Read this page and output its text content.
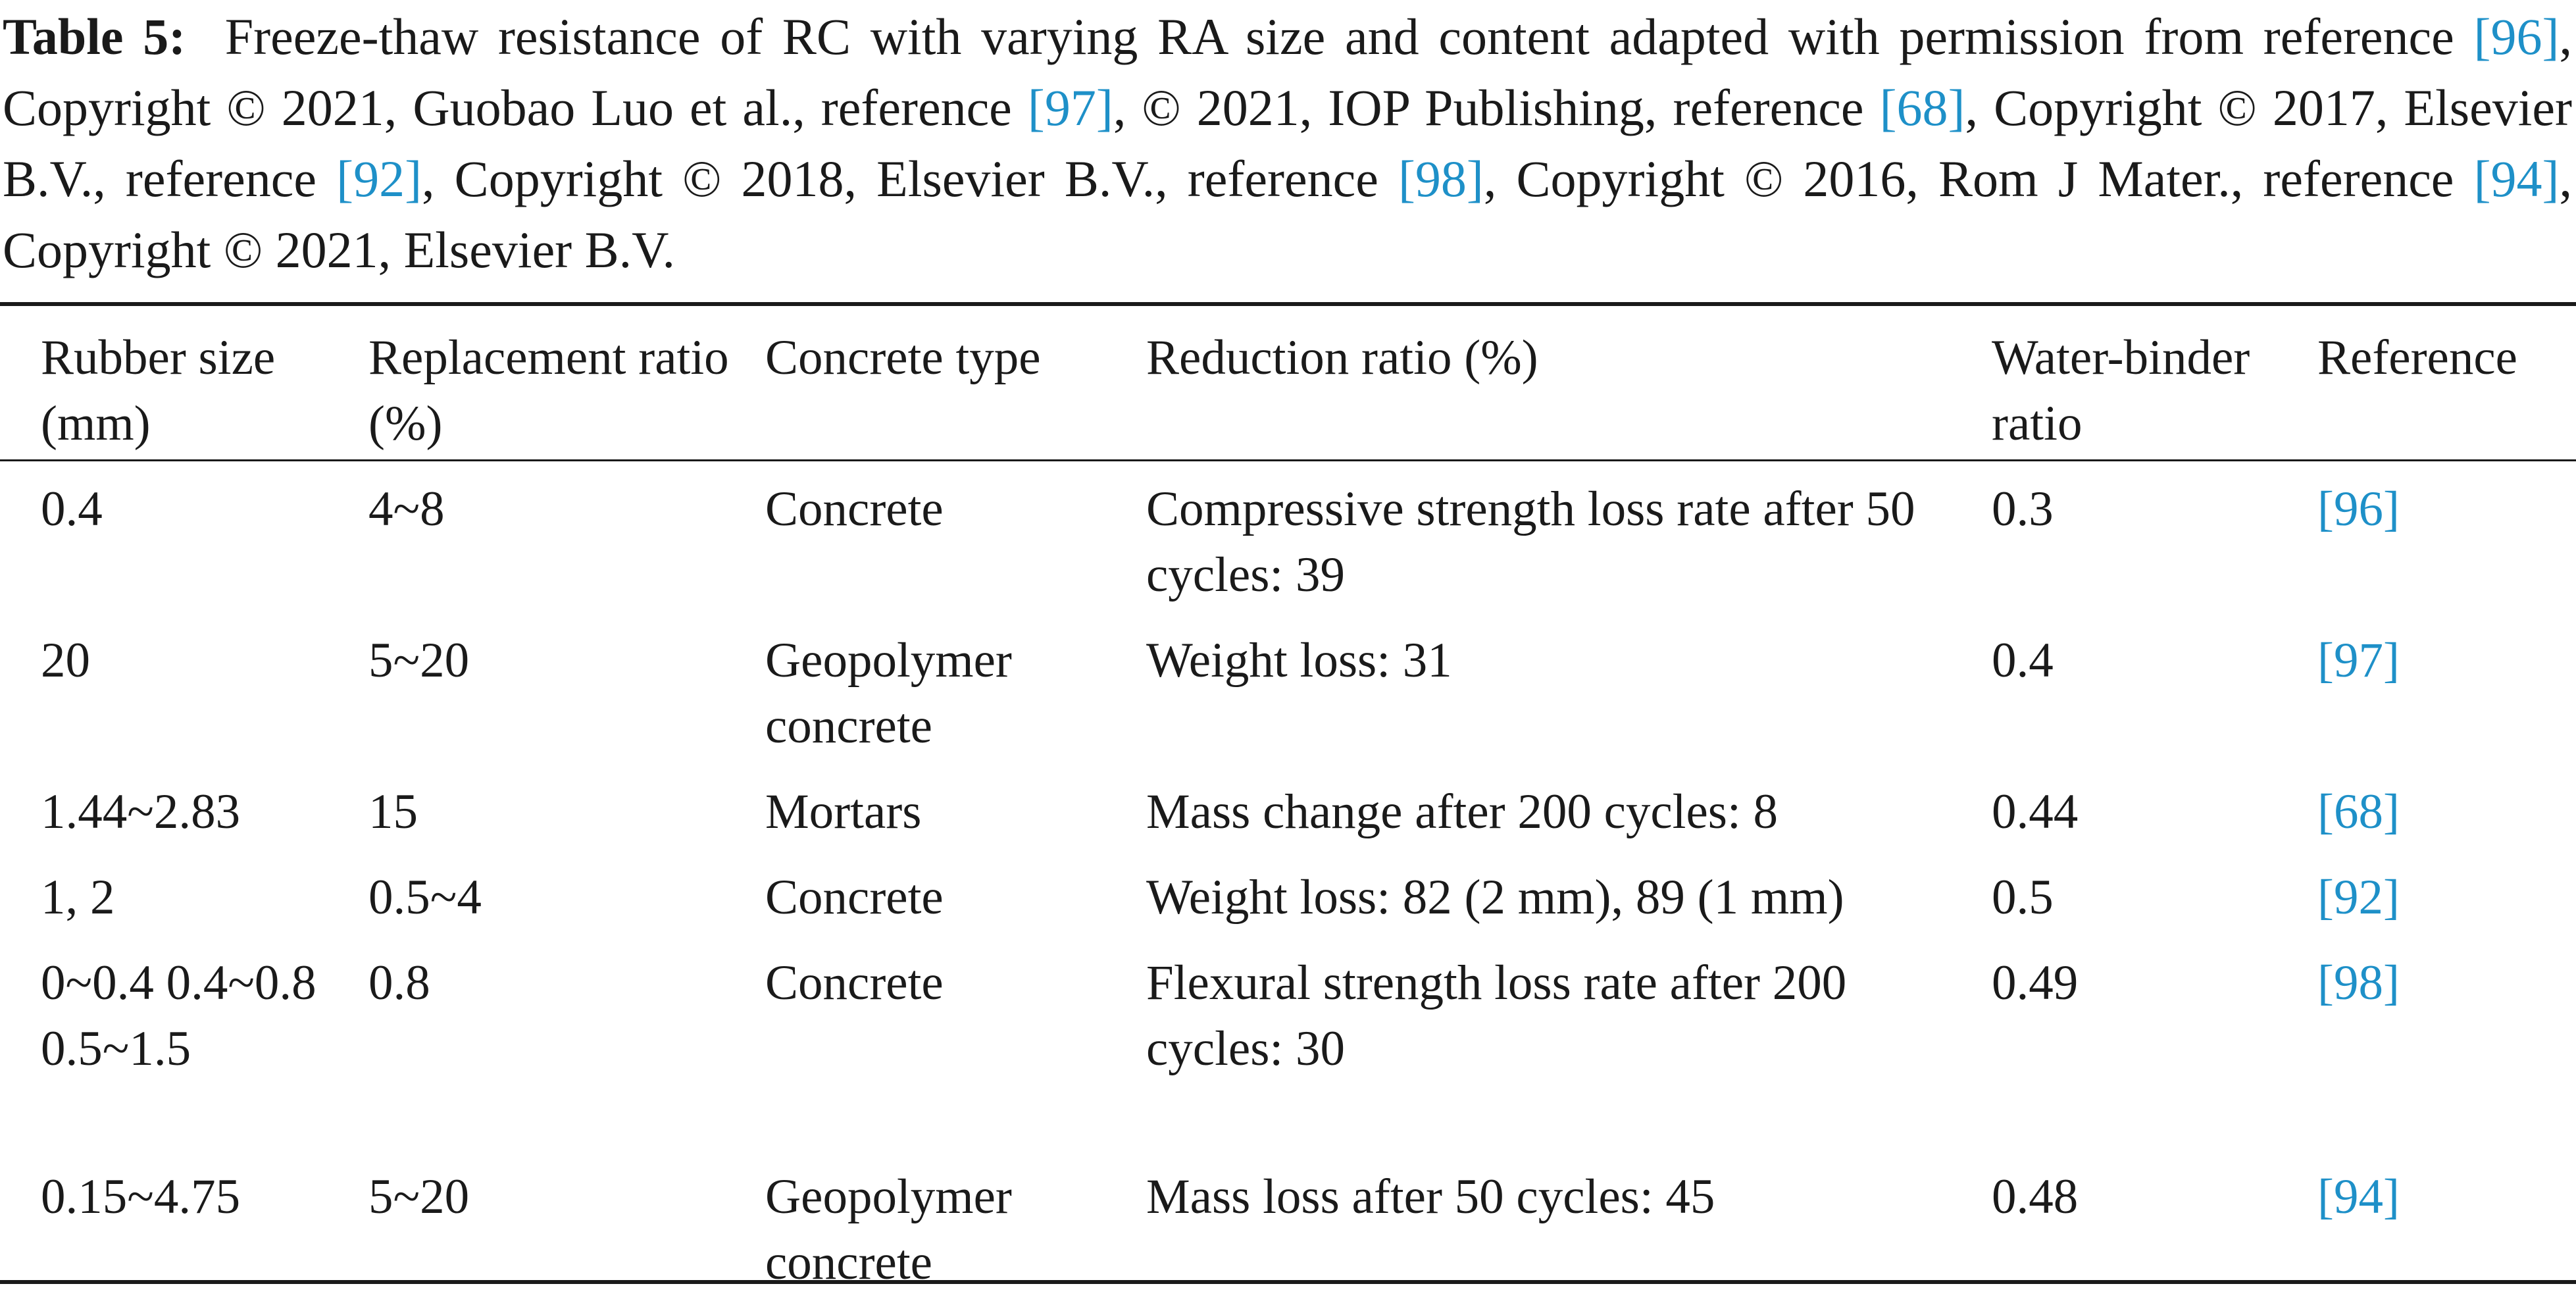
Table 5: Freeze-thaw resistance of RC with varying RA size and content adapted with permission from reference [96], Copyright © 2021, Guobao Luo et al., reference [97], © 2021, IOP Publishing, reference [68], Copyright © 2017, Elsevier B.V., reference [92], Copyright © 2018, Elsevier B.V., reference [98], Copyright © 2016, Rom J Mater., reference [94], Copyright © 2021, Elsevier B.V.
Rubber size (mm)	Replacement ratio (%)	Concrete type	Reduction ratio (%)	Water-binder ratio	Reference
0.4	4~8	Concrete	Compressive strength loss rate after 50 cycles: 39	0.3	[96]
20	5~20	Geopolymer concrete	Weight loss: 31	0.4	[97]
1.44~2.83	15	Mortars	Mass change after 200 cycles: 8	0.44	[68]
1, 2	0.5~4	Concrete	Weight loss: 82 (2 mm), 89 (1 mm)	0.5	[92]
0~0.4 0.4~0.8 0.5~1.5	0.8	Concrete	Flexural strength loss rate after 200 cycles: 30	0.49	[98]
0.15~4.75	5~20	Geopolymer concrete	Mass loss after 50 cycles: 45	0.48	[94]
